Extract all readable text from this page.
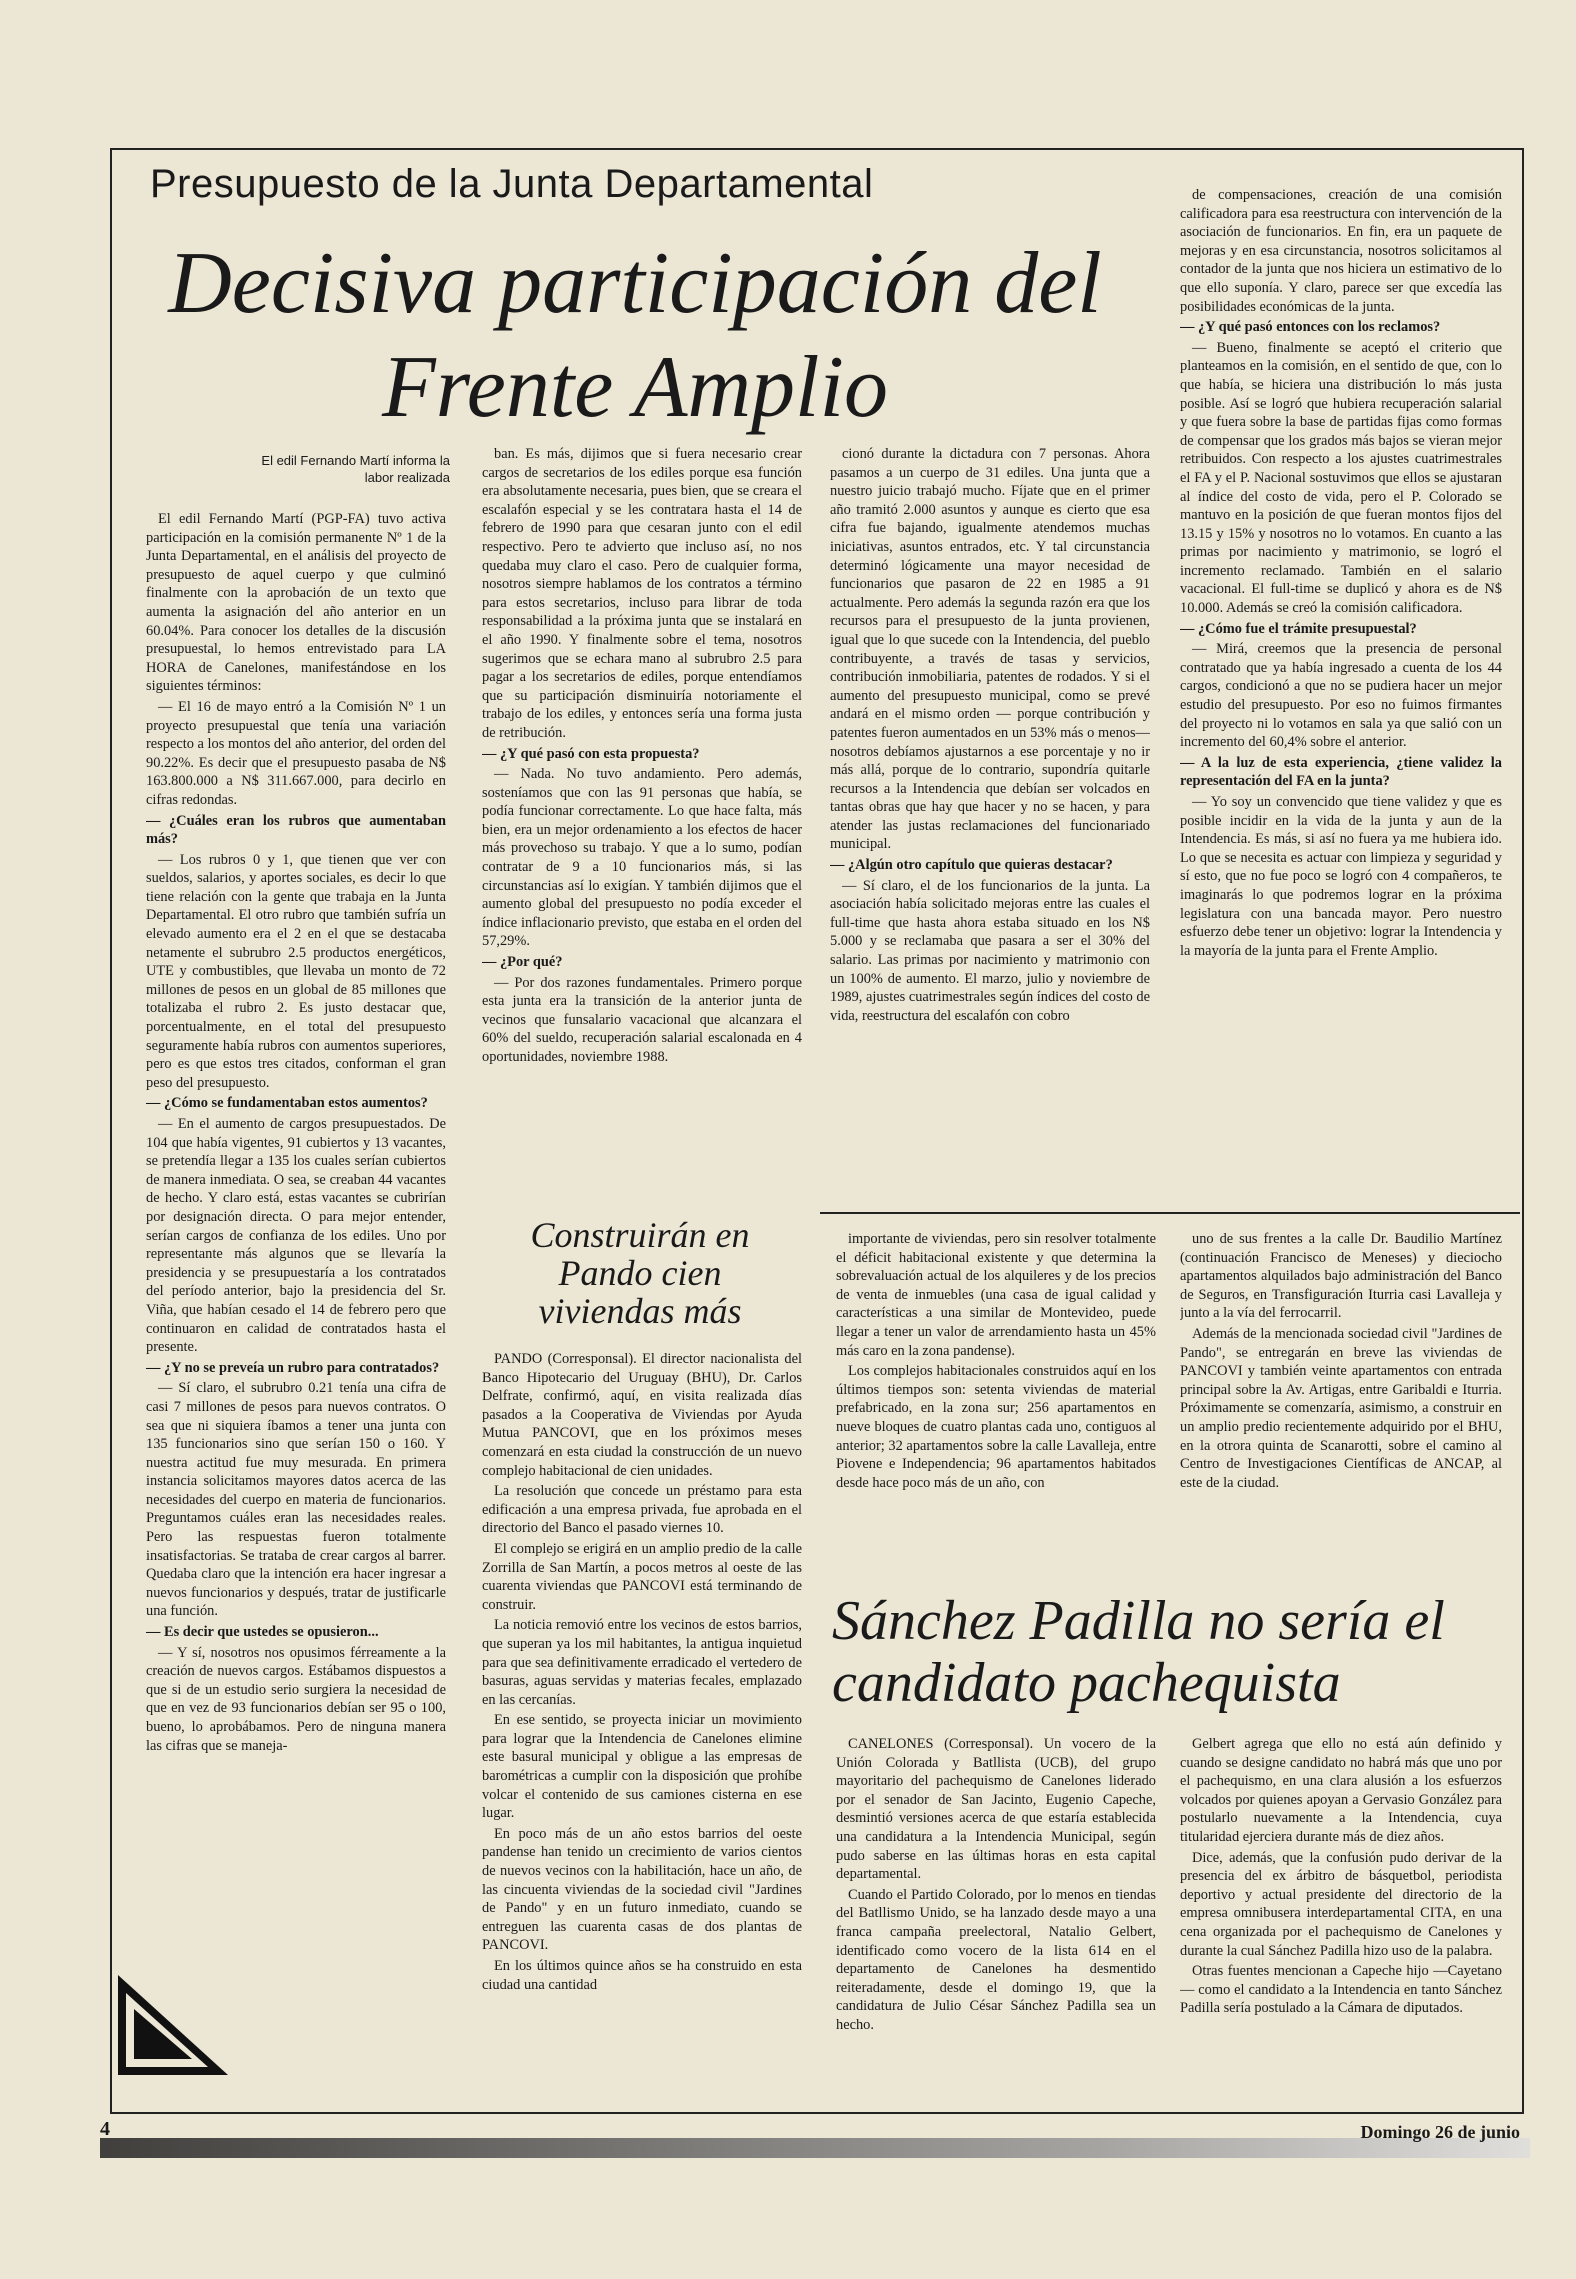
Presupuesto de la Junta Departamental
Decisiva participación del Frente Amplio
El edil Fernando Martí informa la labor realizada

El edil Fernando Martí (PGP-FA) tuvo activa participación en la comisión permanente Nº 1 de la Junta Departamental, en el análisis del proyecto de presupuesto de aquel cuerpo y que culminó finalmente con la aprobación de un texto que aumenta la asignación del año anterior en un 60.04%. Para conocer los detalles de la discusión presupuestal, lo hemos entrevistado para LA HORA de Canelones, manifestándose en los siguientes términos:

— El 16 de mayo entró a la Comisión Nº 1 un proyecto presupuestal que tenía una variación respecto a los montos del año anterior, del orden del 90.22%. Es decir que el presupuesto pasaba de N$ 163.800.000 a N$ 311.667.000, para decirlo en cifras redondas.

— ¿Cuáles eran los rubros que aumentaban más?

— Los rubros 0 y 1, que tienen que ver con sueldos, salarios, y aportes sociales, es decir lo que tiene relación con la gente que trabaja en la Junta Departamental. El otro rubro que también sufría un elevado aumento era el 2 en el que se destacaba netamente el subrubro 2.5 productos energéticos, UTE y combustibles, que llevaba un monto de 72 millones de pesos en un global de 85 millones que totalizaba el rubro 2. Es justo destacar que, porcentualmente, en el total del presupuesto seguramente había rubros con aumentos superiores, pero es que estos tres citados, conforman el gran peso del presupuesto.

— ¿Cómo se fundamentaban estos aumentos?

— En el aumento de cargos presupuestados. De 104 que había vigentes, 91 cubiertos y 13 vacantes, se pretendía llegar a 135 los cuales serían cubiertos de manera inmediata. O sea, se creaban 44 vacantes de hecho. Y claro está, estas vacantes se cubrirían por designación directa. O para mejor entender, serían cargos de confianza de los ediles. Uno por representante más algunos que se llevaría la presidencia y se presupuestaría a los contratados del período anterior, bajo la presidencia del Sr. Viña, que habían cesado el 14 de febrero pero que continuaron en calidad de contratados hasta el presente.

— ¿Y no se preveía un rubro para contratados?

— Sí claro, el subrubro 0.21 tenía una cifra de casi 7 millones de pesos para nuevos contratos. O sea que ni siquiera íbamos a tener una junta con 135 funcionarios sino que serían 150 o 160. Y nuestra actitud fue muy mesurada. En primera instancia solicitamos mayores datos acerca de las necesidades del cuerpo en materia de funcionarios. Preguntamos cuáles eran las necesidades reales. Pero las respuestas fueron totalmente insatisfactorias. Se trataba de crear cargos al barrer. Quedaba claro que la intención era hacer ingresar a nuevos funcionarios y después, tratar de justificarle una función.

— Es decir que ustedes se opusieron...

— Y sí, nosotros nos opusimos férreamente a la creación de nuevos cargos. Estábamos dispuestos a que si de un estudio serio surgiera la necesidad de que en vez de 93 funcionarios debían ser 95 o 100, bueno, lo aprobábamos. Pero de ninguna manera las cifras que se maneja-

ban. Es más, dijimos que si fuera necesario crear cargos de secretarios de los ediles porque esa función era absolutamente necesaria, pues bien, que se creara el escalafón especial y se les contratara hasta el 14 de febrero de 1990 para que cesaran junto con el edil respectivo. Pero te advierto que incluso así, no nos quedaba muy claro el caso. Pero de cualquier forma, nosotros siempre hablamos de los contratos a término para estos secretarios, incluso para librar de toda responsabilidad a la próxima junta que se instalará en el año 1990. Y finalmente sobre el tema, nosotros sugerimos que se echara mano al subrubro 2.5 para pagar a los secretarios de ediles, porque entendíamos que su participación disminuiría notoriamente el trabajo de los ediles, y entonces sería una forma justa de retribución.

— ¿Y qué pasó con esta propuesta?

— Nada. No tuvo andamiento. Pero además, sosteníamos que con las 91 personas que había, se podía funcionar correctamente. Lo que hace falta, más bien, era un mejor ordenamiento a los efectos de hacer más provechoso su trabajo. Y que a lo sumo, podían contratar de 9 a 10 funcionarios más, si las circunstancias así lo exigían. Y también dijimos que el aumento global del presupuesto no podía exceder el índice inflacionario previsto, que estaba en el orden del 57,29%.

— ¿Por qué?

— Por dos razones fundamentales. Primero porque esta junta era la transición de la anterior junta de vecinos que funsalario vacacional que alcanzara el 60% del sueldo, recuperación salarial escalonada en 4 oportunidades, noviembre 1988.

cionó durante la dictadura con 7 personas. Ahora pasamos a un cuerpo de 31 ediles. Una junta que a nuestro juicio trabajó mucho. Fíjate que en el primer año tramitó 2.000 asuntos y aunque es cierto que esa cifra fue bajando, igualmente atendemos muchas iniciativas, asuntos entrados, etc. Y tal circunstancia determinó lógicamente una mayor necesidad de funcionarios que pasaron de 22 en 1985 a 91 actualmente. Pero además la segunda razón era que los recursos para el presupuesto de la junta provienen, igual que lo que sucede con la Intendencia, del pueblo contribuyente, a través de tasas y servicios, contribución inmobiliaria, patentes de rodados. Y si el aumento del presupuesto municipal, como se prevé andará en el mismo orden — porque contribución y patentes fueron aumentados en un 53% más o menos— nosotros debíamos ajustarnos a ese porcentaje y no ir más allá, porque de lo contrario, supondría quitarle recursos a la Intendencia que debían ser volcados en tantas obras que hay que hacer y no se hacen, y para atender las justas reclamaciones del funcionariado municipal.

— ¿Algún otro capítulo que quieras destacar?

— Sí claro, el de los funcionarios de la junta. La asociación había solicitado mejoras entre las cuales el full-time que hasta ahora estaba situado en los N$ 5.000 y se reclamaba que pasara a ser el 30% del salario. Las primas por nacimiento y matrimonio con un 100% de aumento. El marzo, julio y noviembre de 1989, ajustes cuatrimestrales según índices del costo de vida, reestructura del escalafón con cobro

de compensaciones, creación de una comisión calificadora para esa reestructura con intervención de la asociación de funcionarios. En fin, era un paquete de mejoras y en esa circunstancia, nosotros solicitamos al contador de la junta que nos hiciera un estimativo de lo que ello suponía. Y claro, parece ser que excedía las posibilidades económicas de la junta.

— ¿Y qué pasó entonces con los reclamos?

— Bueno, finalmente se aceptó el criterio que planteamos en la comisión, en el sentido de que, con lo que había, se hiciera una distribución lo más justa posible. Así se logró que hubiera recuperación salarial y que fuera sobre la base de partidas fijas como formas de compensar que los grados más bajos se vieran mejor retribuidos. Con respecto a los ajustes cuatrimestrales el FA y el P. Nacional sostuvimos que ellos se ajustaran al índice del costo de vida, pero el P. Colorado se mantuvo en la posición de que fueran montos fijos del 13.15 y 15% y nosotros no lo votamos. En cuanto a las primas por nacimiento y matrimonio, se logró el incremento reclamado. También en el salario vacacional. El full-time se duplicó y ahora es de N$ 10.000. Además se creó la comisión calificadora.

— ¿Cómo fue el trámite presupuestal?

— Mirá, creemos que la presencia de personal contratado que ya había ingresado a cuenta de los 44 cargos, condicionó a que no se pudiera hacer un mejor estudio del presupuesto. Por eso no fuimos firmantes del proyecto ni lo votamos en sala ya que salió con un incremento del 60,4% sobre el anterior.

— A la luz de esta experiencia, ¿tiene validez la representación del FA en la junta?

— Yo soy un convencido que tiene validez y que es posible incidir en la vida de la junta y aun de la Intendencia. Es más, si así no fuera ya me hubiera ido. Lo que se necesita es actuar con limpieza y seguridad y sí esto, que no fue poco se logró con 4 compañeros, te imaginarás lo que podremos lograr en la próxima legislatura con una bancada mayor. Pero nuestro esfuerzo debe tener un objetivo: lograr la Intendencia y la mayoría de la junta para el Frente Amplio.

Construirán en Pando cien viviendas más

PANDO (Corresponsal). El director nacionalista del Banco Hipotecario del Uruguay (BHU), Dr. Carlos Delfrate, confirmó, aquí, en visita realizada días pasados a la Cooperativa de Viviendas por Ayuda Mutua PANCOVI, que en los próximos meses comenzará en esta ciudad la construcción de un nuevo complejo habitacional de cien unidades.

La resolución que concede un préstamo para esta edificación a una empresa privada, fue aprobada en el directorio del Banco el pasado viernes 10.

El complejo se erigirá en un amplio predio de la calle Zorrilla de San Martín, a pocos metros al oeste de las cuarenta viviendas que PANCOVI está terminando de construir.

La noticia removió entre los vecinos de estos barrios, que superan ya los mil habitantes, la antigua inquietud para que sea definitivamente erradicado el vertedero de basuras, aguas servidas y materias fecales, emplazado en las cercanías.

En ese sentido, se proyecta iniciar un movimiento para lograr que la Intendencia de Canelones elimine este basural municipal y obligue a las empresas de barométricas a cumplir con la disposición que prohíbe volcar el contenido de sus camiones cisterna en ese lugar.

En poco más de un año estos barrios del oeste pandense han tenido un crecimiento de varios cientos de nuevos vecinos con la habilitación, hace un año, de las cincuenta viviendas de la sociedad civil "Jardines de Pando" y en un futuro inmediato, cuando se entreguen las cuarenta casas de dos plantas de PANCOVI.

En los últimos quince años se ha construido en esta ciudad una cantidad

importante de viviendas, pero sin resolver totalmente el déficit habitacional existente y que determina la sobrevaluación actual de los alquileres y de los precios de venta de inmuebles (una casa de igual calidad y características a una similar de Montevideo, puede llegar a tener un valor de arrendamiento hasta un 45% más caro en la zona pandense).

Los complejos habitacionales construidos aquí en los últimos tiempos son: setenta viviendas de material prefabricado, en la zona sur; 256 apartamentos en nueve bloques de cuatro plantas cada uno, contiguos al anterior; 32 apartamentos sobre la calle Lavalleja, entre Piovene e Independencia; 96 apartamentos habitados desde hace poco más de un año, con

uno de sus frentes a la calle Dr. Baudilio Martínez (continuación Francisco de Meneses) y dieciocho apartamentos alquilados bajo administración del Banco de Seguros, en Transfiguración Iturria casi Lavalleja y junto a la vía del ferrocarril.

Además de la mencionada sociedad civil "Jardines de Pando", se entregarán en breve las viviendas de PANCOVI y también veinte apartamentos con entrada principal sobre la Av. Artigas, entre Garibaldi e Iturria. Próximamente se comenzaría, asimismo, a construir en un amplio predio recientemente adquirido por el BHU, en la otrora quinta de Scanarotti, sobre el camino al Centro de Investigaciones Científicas de ANCAP, al este de la ciudad.

Sánchez Padilla no sería el candidato pachequista

CANELONES (Corresponsal). Un vocero de la Unión Colorada y Batllista (UCB), del grupo mayoritario del pachequismo de Canelones liderado por el senador de San Jacinto, Eugenio Capeche, desmintió versiones acerca de que estaría establecida una candidatura a la Intendencia Municipal, según pudo saberse en las últimas horas en esta capital departamental.

Cuando el Partido Colorado, por lo menos en tiendas del Batllismo Unido, se ha lanzado desde mayo a una franca campaña preelectoral, Natalio Gelbert, identificado como vocero de la lista 614 en el departamento de Canelones ha desmentido reiteradamente, desde el domingo 19, que la candidatura de Julio César Sánchez Padilla sea un hecho.

Gelbert agrega que ello no está aún definido y cuando se designe candidato no habrá más que uno por el pachequismo, en una clara alusión a los esfuerzos volcados por quienes apoyan a Gervasio González para postularlo nuevamente a la Intendencia, cuya titularidad ejerciera durante más de diez años.

Dice, además, que la confusión pudo derivar de la presencia del ex árbitro de básquetbol, periodista deportivo y actual presidente del directorio de la empresa omnibusera interdepartamental CITA, en una cena organizada por el pachequismo de Canelones y durante la cual Sánchez Padilla hizo uso de la palabra.

Otras fuentes mencionan a Capeche hijo —Cayetano— como el candidato a la Intendencia en tanto Sánchez Padilla sería postulado a la Cámara de diputados.

4	Domingo 26 de junio
